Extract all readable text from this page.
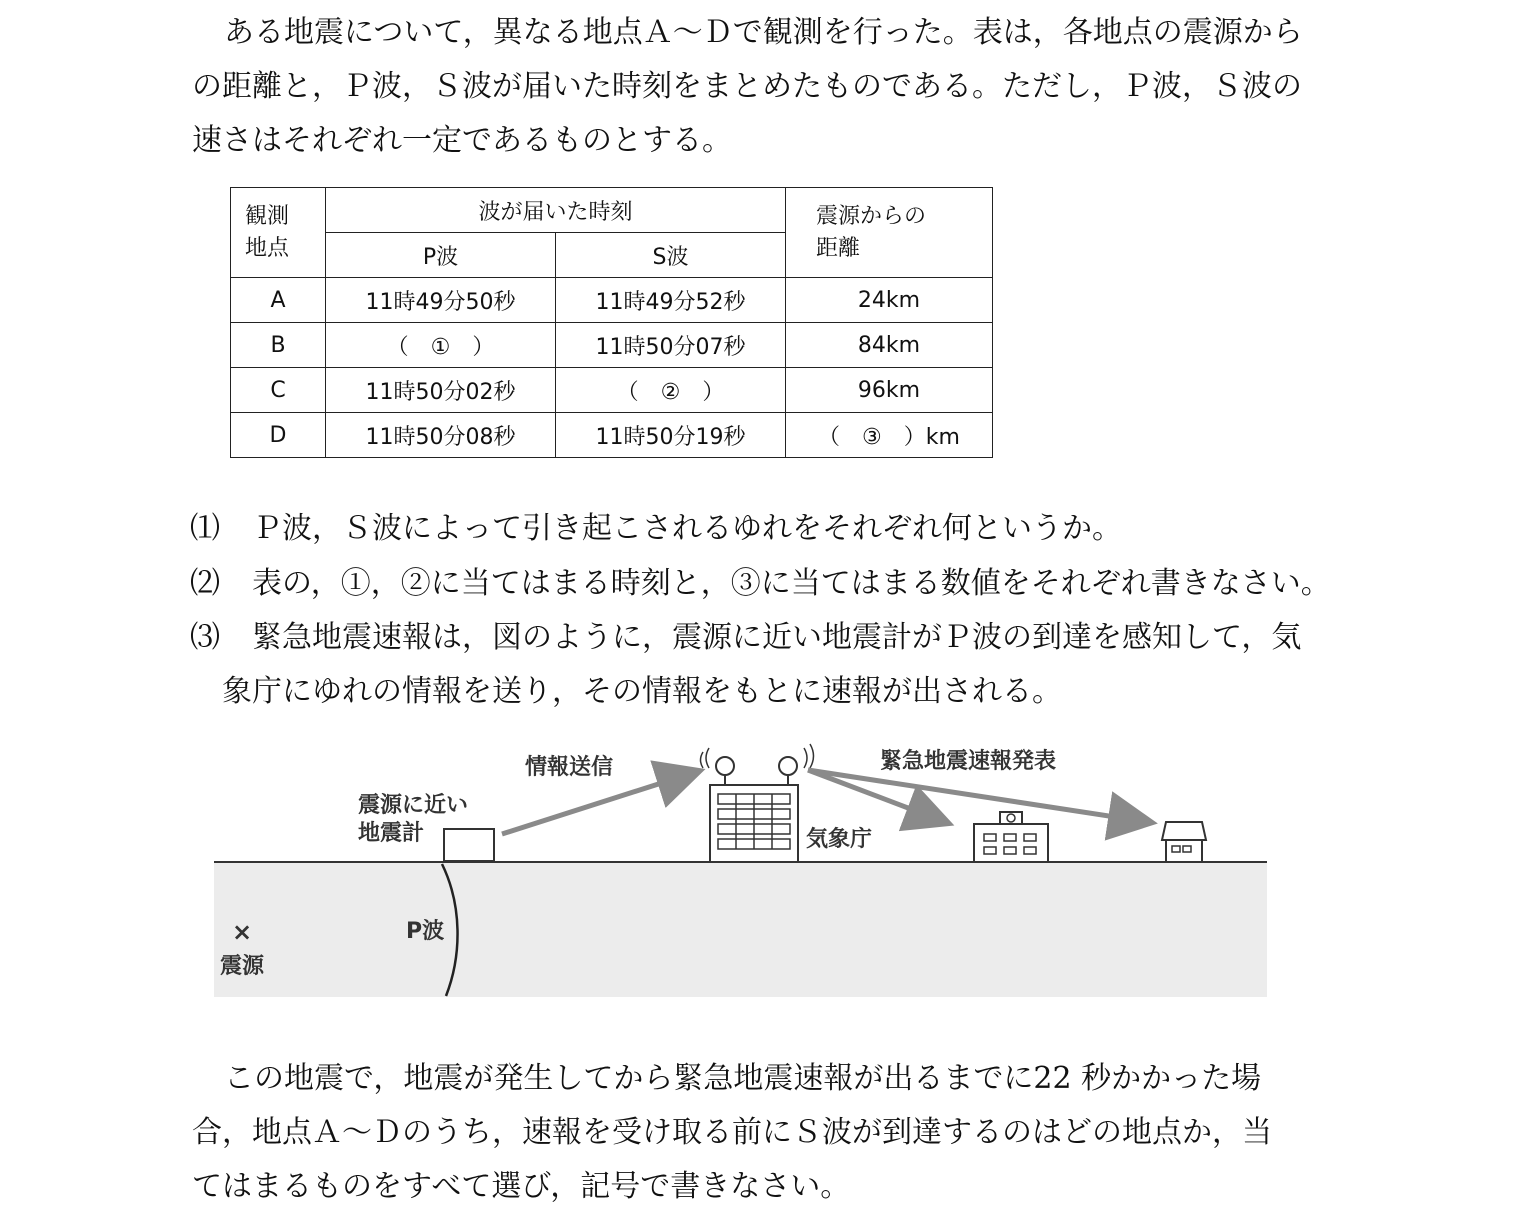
ある地震について，異なる地点Ａ～Ｄで観測を行った。表は，各地点の震源から
の距離と，Ｐ波，Ｓ波が届いた時刻をまとめたものである。ただし，Ｐ波，Ｓ波の
速さはそれぞれ一定であるものとする。
観測
地点	波が届いた時刻		震源からの
距離
	P波	S波	
A	11時49分50秒	11時49分52秒	24km
B	（　①　）	11時50分07秒	84km
C	11時50分02秒	（　②　）	96km
D	11時50分08秒	11時50分19秒	（　③　）km
⑴ Ｐ波，Ｓ波によって引き起こされるゆれをそれぞれ何というか。
⑵ 表の，①，②に当てはまる時刻と，③に当てはまる数値をそれぞれ書きなさい。
⑶ 緊急地震速報は，図のように，震源に近い地震計がＰ波の到達を感知して，気
象庁にゆれの情報を送り，その情報をもとに速報が出される。
震源に近い
地震計
P波
×
震源
情報送信
気象庁
緊急地震速報発表
この地震で，地震が発生してから緊急地震速報が出るまでに22 秒かかった場
合，地点Ａ～Ｄのうち，速報を受け取る前にＳ波が到達するのはどの地点か，当
てはまるものをすべて選び，記号で書きなさい。
